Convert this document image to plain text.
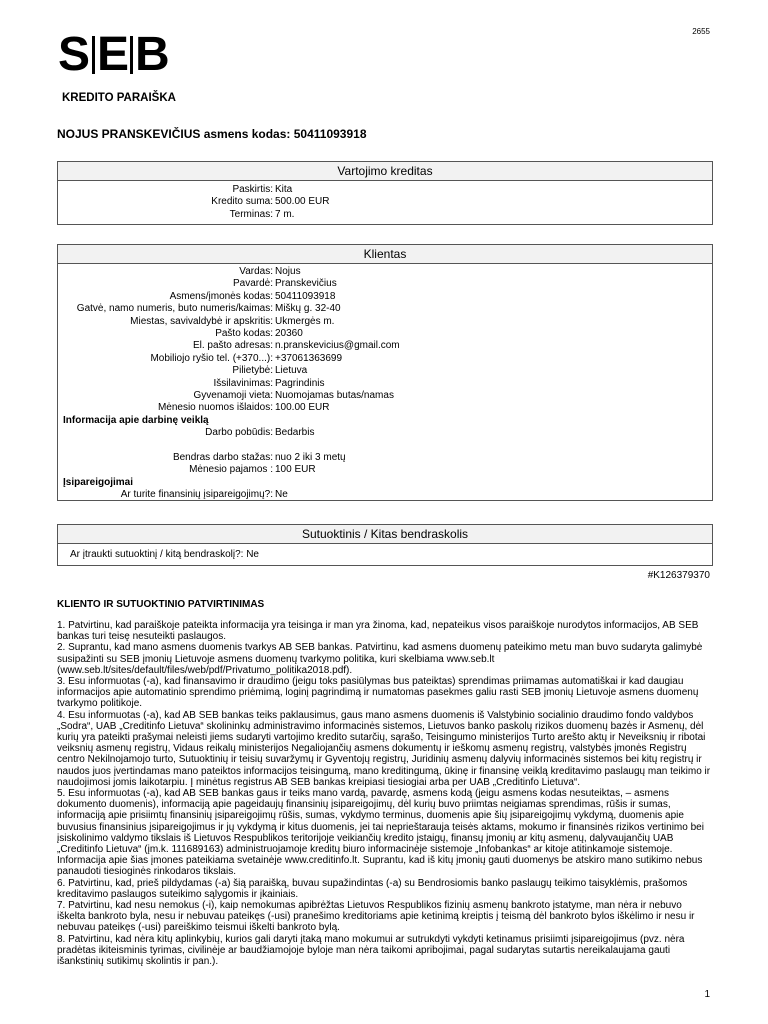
S E B	2655
KREDITO PARAIŠKA
NOJUS PRANSKEVIČIUS asmens kodas: 50411093918
Vartojimo kreditas
Paskirtis: Kita
Kredito suma: 500.00 EUR
Terminas: 7 m.
Klientas
Vardas: Nojus
Pavardė: Pranskevičius
Asmens/įmonės kodas: 50411093918
Gatvė, namo numeris, buto numeris/kaimas: Miškų g. 32-40
Miestas, savivaldybė ir apskritis: Ukmergės m.
Pašto kodas: 20360
El. pašto adresas: n.pranskevicius@gmail.com
Mobiliojo ryšio tel. (+370...): +37061363699
Pilietybė: Lietuva
Išsilavinimas: Pagrindinis
Gyvenamoji vieta: Nuomojamas butas/namas
Mėnesio nuomos išlaidos: 100.00 EUR
Informacija apie darbinę veiklą
Darbo pobūdis: Bedarbis
Bendras darbo stažas: nuo 2 iki 3 metų
Mėnesio pajamos : 100 EUR
Įsipareigojimai
Ar turite finansinių įsipareigojimų?: Ne
Sutuoktinis / Kitas bendraskolis
Ar įtraukti sutuoktinį / kitą bendraskolį?: Ne
#K126379370
KLIENTO IR SUTUOKTINIO PATVIRTINIMAS

1. Patvirtinu, kad paraiškoje pateikta informacija yra teisinga ir man yra žinoma, kad, nepateikus visos paraiškoje nurodytos informacijos, AB SEB bankas turi teisę nesuteikti paslaugos.

2. Suprantu, kad mano asmens duomenis tvarkys AB SEB bankas. Patvirtinu, kad asmens duomenų pateikimo metu man buvo sudaryta galimybė susipažinti su SEB įmonių Lietuvoje asmens duomenų tvarkymo politika, kuri skelbiama www.seb.lt (www.seb.lt/sites/default/files/web/pdf/Privatumo_politika2018.pdf).

3. Esu informuotas (-a), kad finansavimo ir draudimo (jeigu toks pasiūlymas bus pateiktas) sprendimas priimamas automatiškai ir kad daugiau informacijos apie automatinio sprendimo priėmimą, loginį pagrindimą ir numatomas pasekmes galiu rasti SEB įmonių Lietuvoje asmens duomenų tvarkymo politikoje.

4. Esu informuotas (-a), kad AB SEB bankas teiks paklausimus, gaus mano asmens duomenis iš Valstybinio socialinio draudimo fondo valdybos „Sodra“, UAB „Creditinfo Lietuva“ skolininkų administravimo informacinės sistemos, Lietuvos banko paskolų rizikos duomenų bazės ir Asmenų, dėl kurių yra pateikti prašymai neleisti jiems sudaryti vartojimo kredito sutarčių, sąrašo, Teisingumo ministerijos Turto arešto aktų ir Neveiksnių ir ribotai veiksnių asmenų registrų, Vidaus reikalų ministerijos Negaliojančių asmens dokumentų ir ieškomų asmenų registrų, valstybės įmonės Registrų centro Nekilnojamojo turto, Sutuoktinių ir teisių suvaržymų ir Gyventojų registrų, Juridinių asmenų dalyvių informacinės sistemos bei kitų registrų ir naudos juos įvertindamas mano pateiktos informacijos teisingumą, mano kreditingumą, ūkinę ir finansinę veiklą kreditavimo paslaugų man teikimo ir naudojimosi jomis laikotarpiu. Į minėtus registrus AB SEB bankas kreipiasi tiesiogiai arba per UAB „Creditinfo Lietuva“.

5. Esu informuotas (-a), kad AB SEB bankas gaus ir teiks mano vardą, pavardę, asmens kodą (jeigu asmens kodas nesuteiktas, – asmens dokumento duomenis), informaciją apie pageidaujų finansinių įsipareigojimų, dėl kurių buvo priimtas neigiamas sprendimas, rūšis ir sumas, informaciją apie prisiimtų finansinių įsipareigojimų rūšis, sumas, vykdymo terminus, duomenis apie šių įsipareigojimų vykdymą, duomenis apie buvusius finansinius įsipareigojimus ir jų vykdymą ir kitus duomenis, jei tai neprieštarauja teisės aktams, mokumo ir finansinės rizikos vertinimo bei įsiskolinimo valdymo tikslais iš Lietuvos Respublikos teritorijoje veikiančių kredito įstaigų, finansų įmonių ar kitų asmenų, dalyvaujančių UAB „Creditinfo Lietuva“ (įm.k. 111689163) administruojamoje kreditų biuro informacinėje sistemoje „Infobankas“ ar kitoje atitinkamoje sistemoje. Informacija apie šias įmones pateikiama svetainėje www.creditinfo.lt. Suprantu, kad iš kitų įmonių gauti duomenys be atskiro mano sutikimo nebus panaudoti tiesioginės rinkodaros tikslais.

6. Patvirtinu, kad, prieš pildydamas (-a) šią paraišką, buvau supažindintas (-a) su Bendrosiomis banko paslaugų teikimo taisyklėmis, prašomos kreditavimo paslaugos suteikimo sąlygomis ir įkainiais.

7. Patvirtinu, kad nesu nemokus (-i), kaip nemokumas apibrėžtas Lietuvos Respublikos fizinių asmenų bankroto įstatyme, man nėra ir nebuvo iškelta bankroto byla, nesu ir nebuvau pateikęs (-usi) pranešimo kreditoriams apie ketinimą kreiptis į teismą dėl bankroto bylos iškėlimo ir nesu ir nebuvau pateikęs (-usi) pareiškimo teismui iškelti bankroto bylą.

8. Patvirtinu, kad nėra kitų aplinkybių, kurios gali daryti įtaką mano mokumui ar sutrukdyti vykdyti ketinamus prisiimti įsipareigojimus (pvz. nėra pradėtas ikiteisminis tyrimas, civilinėje ar baudžiamojoje byloje man nėra taikomi apribojimai, pagal sudarytas sutartis nereikalaujama gauti išankstinių sutikimų skolintis ir pan.).

1
